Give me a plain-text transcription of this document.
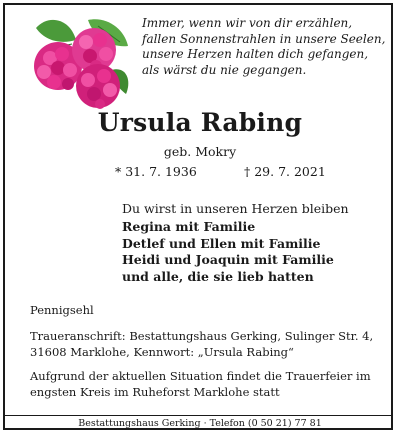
Immer, wenn wir von dir erzählen,
fallen Sonnenstrahlen in unsere Seelen,
unsere Herzen halten dich gefangen,
als wärst du nie gegangen.
Ursula Rabing
geb. Mokry
* 31. 7. 1936	† 29. 7. 2021
Du wirst in unseren Herzen bleiben
Regina mit Familie
Detlef und Ellen mit Familie
Heidi und Joaquin mit Familie
und alle, die sie lieb hatten
Pennigsehl
Traueranschrift: Bestattungshaus Gerking, Sulinger Str. 4,
31608 Marklohe, Kennwort: „Ursula Rabing“
Aufgrund der aktuellen Situation findet die Trauerfeier im
engsten Kreis im Ruheforst Marklohe statt
Bestattungshaus Gerking · Telefon (0 50 21) 77 81
